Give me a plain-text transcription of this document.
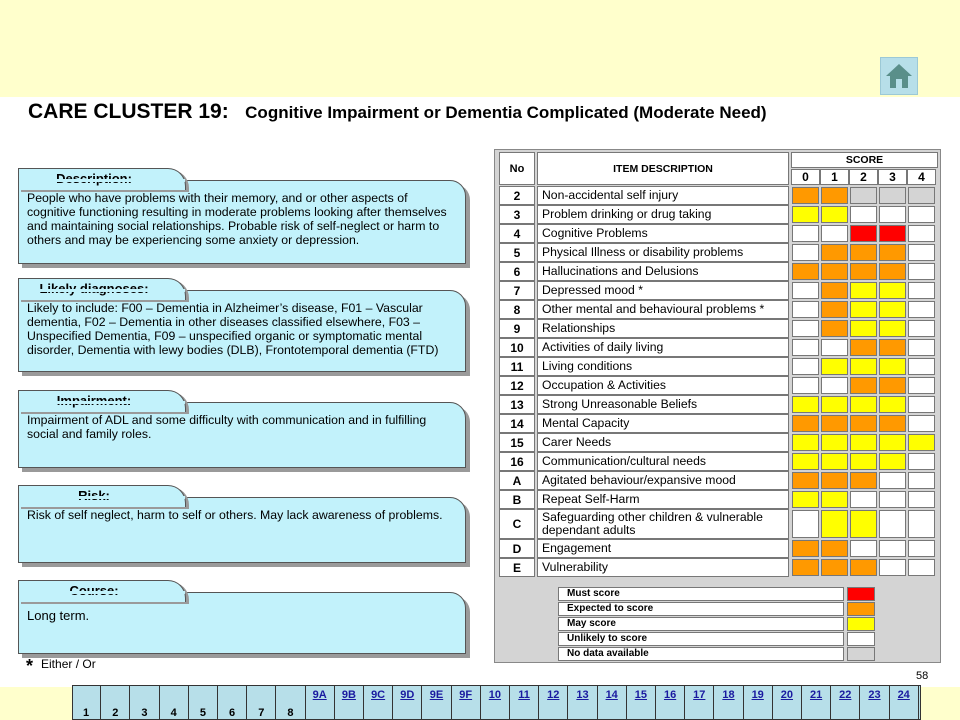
CARE CLUSTER 19: Cognitive Impairment or Dementia Complicated (Moderate Need)
People who have problems with their memory, and or other aspects of cognitive functioning resulting in moderate problems looking after themselves and maintaining social relationships. Probable risk of self-neglect or harm to others and may be experiencing some anxiety or depression.
Likely to include: F00 – Dementia in Alzheimer’s disease, F01 – Vascular dementia, F02 – Dementia in other diseases classified elsewhere, F03 – Unspecified Dementia, F09 – unspecified organic or symptomatic mental disorder, Dementia with lewy bodies (DLB), Frontotemporal dementia (FTD)
Impairment of ADL and some difficulty with communication and in fulfilling social and family roles.
Risk of self neglect, harm to self or others. May lack awareness of problems.
Long term.
* Either / Or
58
No	ITEM DESCRIPTION
SCORE
0	1	2	3	4
2	Non-accidental self injury
3	Problem drinking or drug taking
4	Cognitive Problems
5	Physical Illness or disability problems
6	Hallucinations and Delusions
7	Depressed mood *
8	Other mental and behavioural problems *
9	Relationships
10	Activities of daily living
11	Living conditions
12	Occupation & Activities
13	Strong Unreasonable Beliefs
14	Mental Capacity
15	Carer Needs
16	Communication/cultural needs
A	Agitated behaviour/expansive mood
B	Repeat Self-Harm
C	Safeguarding other children & vulnerable dependant adults
D	Engagement
E	Vulnerability
Must score
Expected to score
May score
Unlikely to score
No data available
1	2	3	4	5	6	7	8
9A	9B	9C	9D	9E	9F	10	11	12	13	14	15	16	17	18	19	20	21	22	23	24
